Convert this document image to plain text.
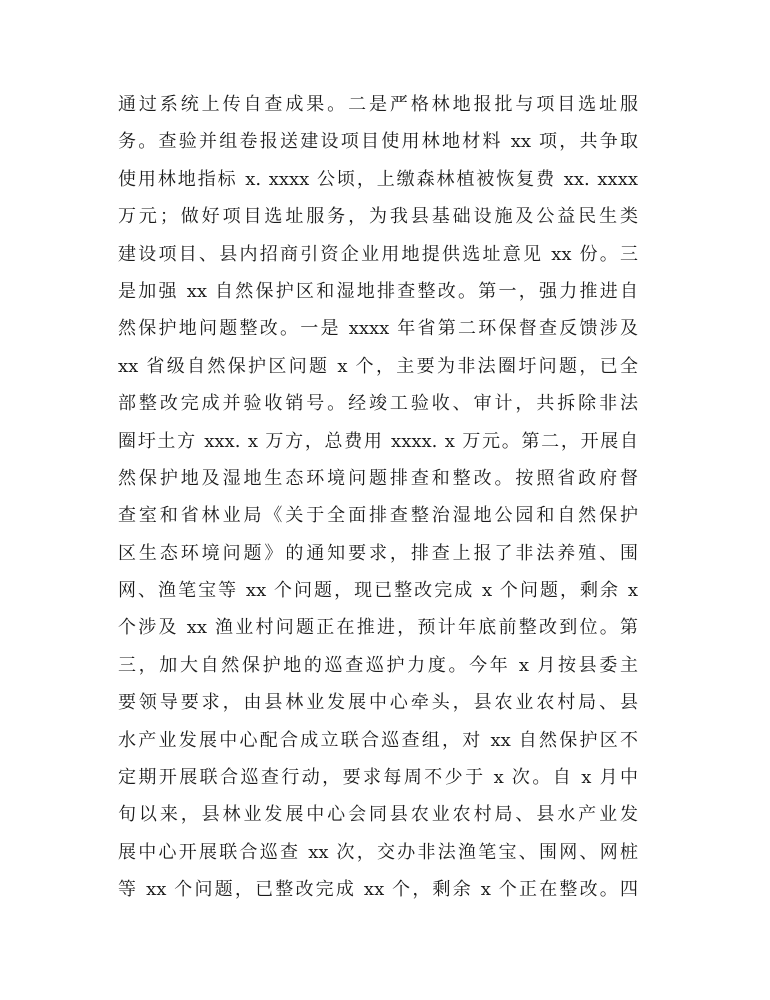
通过系统上传自查成果。二是严格林地报批与项目选址服
务。查验并组卷报送建设项目使用林地材料 xx 项，共争取
使用林地指标 x. xxxx 公顷，上缴森林植被恢复费 xx. xxxx
万元；做好项目选址服务，为我县基础设施及公益民生类
建设项目、县内招商引资企业用地提供选址意见 xx 份。三
是加强 xx 自然保护区和湿地排查整改。第一，强力推进自
然保护地问题整改。一是 xxxx 年省第二环保督查反馈涉及
xx 省级自然保护区问题 x 个，主要为非法圈圩问题，已全
部整改完成并验收销号。经竣工验收、审计，共拆除非法
圈圩土方 xxx. x 万方，总费用 xxxx. x 万元。第二，开展自
然保护地及湿地生态环境问题排查和整改。按照省政府督
查室和省林业局《关于全面排查整治湿地公园和自然保护
区生态环境问题》的通知要求，排查上报了非法养殖、围
网、渔笔宝等 xx 个问题，现已整改完成 x 个问题，剩余 x
个涉及 xx 渔业村问题正在推进，预计年底前整改到位。第
三，加大自然保护地的巡查巡护力度。今年 x 月按县委主
要领导要求，由县林业发展中心牵头，县农业农村局、县
水产业发展中心配合成立联合巡查组，对 xx 自然保护区不
定期开展联合巡查行动，要求每周不少于 x 次。自 x 月中
旬以来，县林业发展中心会同县农业农村局、县水产业发
展中心开展联合巡查 xx 次，交办非法渔笔宝、围网、网桩
等 xx 个问题，已整改完成 xx 个，剩余 x 个正在整改。四
